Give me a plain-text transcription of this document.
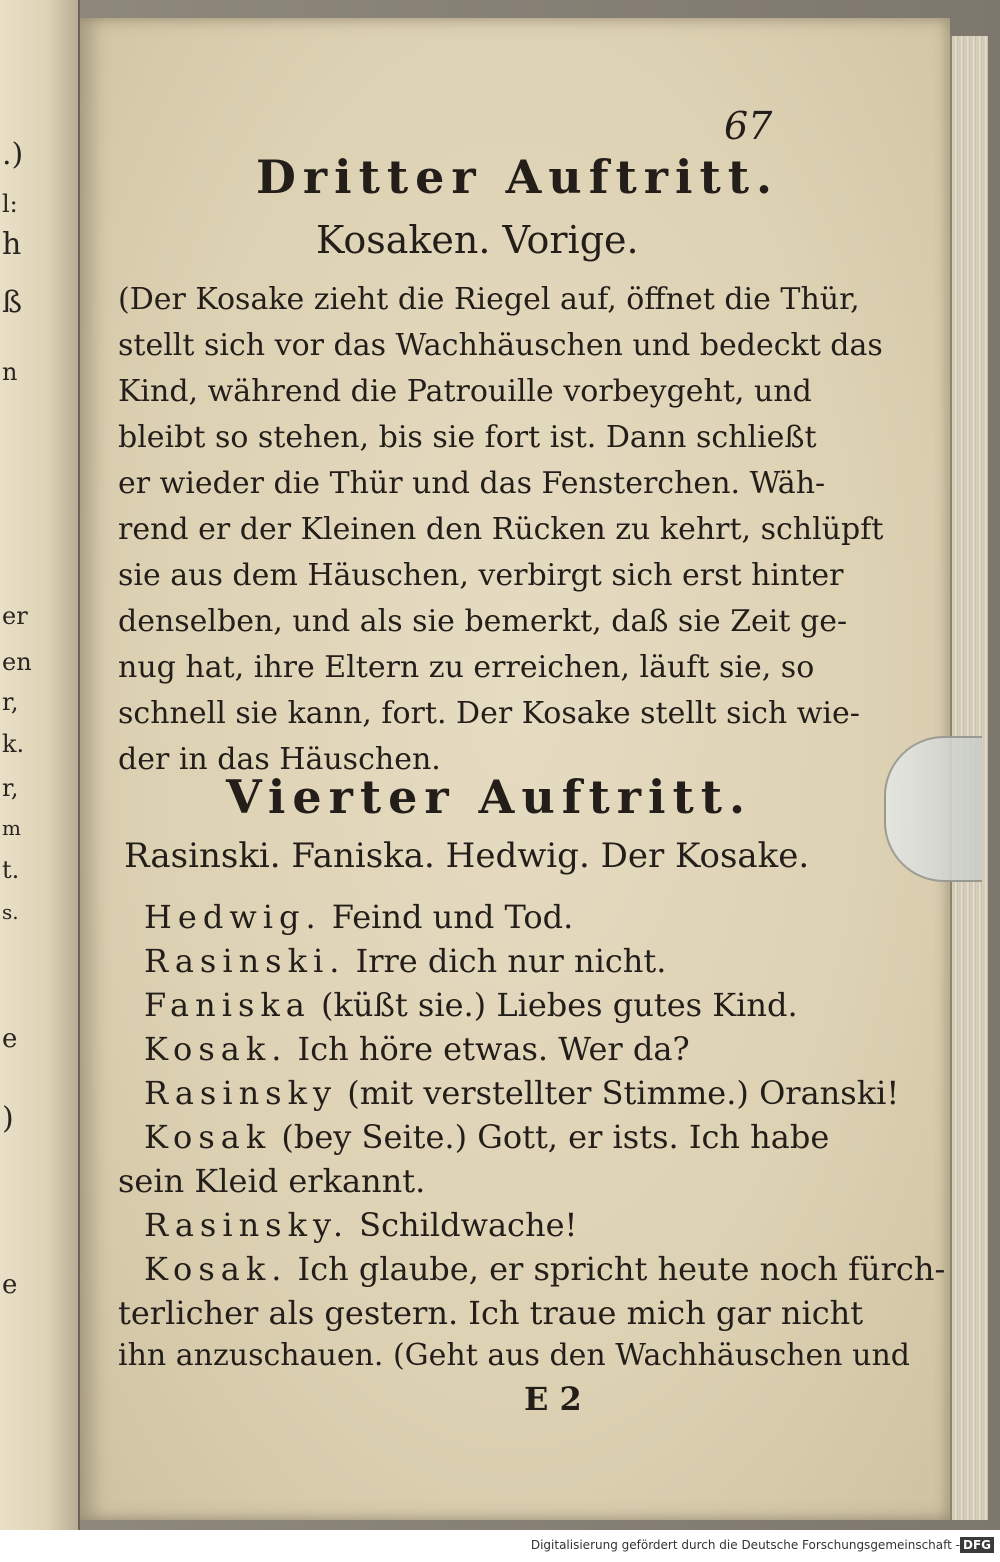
.)
l:
h
ß
n
er
en
r,
k.
r,
m
t.
s.
e
)
e
67
Dritter Auftritt.
Kosaken. Vorige.
(Der Kosake zieht die Riegel auf, öffnet die Thür,
stellt sich vor das Wachhäuschen und bedeckt das
Kind, während die Patrouille vorbeygeht, und
bleibt so stehen, bis sie fort ist. Dann schließt
er wieder die Thür und das Fensterchen. Wäh-
rend er der Kleinen den Rücken zu kehrt, schlüpft
sie aus dem Häuschen, verbirgt sich erst hinter
denselben, und als sie bemerkt, daß sie Zeit ge-
nug hat, ihre Eltern zu erreichen, läuft sie, so
schnell sie kann, fort. Der Kosake stellt sich wie-
der in das Häuschen.
Vierter Auftritt.
Rasinski. Faniska. Hedwig. Der Kosake.
Hedwig. Feind und Tod.
Rasinski. Irre dich nur nicht.
Faniska (küßt sie.) Liebes gutes Kind.
Kosak. Ich höre etwas. Wer da?
Rasinsky (mit verstellter Stimme.) Oranski!
Kosak (bey Seite.) Gott, er ists. Ich habe
sein Kleid erkannt.
Rasinsky. Schildwache!
Kosak. Ich glaube, er spricht heute noch fürch-
terlicher als gestern. Ich traue mich gar nicht
ihn anzuschauen. (Geht aus den Wachhäuschen und
E 2
Digitalisierung gefördert durch die Deutsche Forschungsgemeinschaft - DFG
